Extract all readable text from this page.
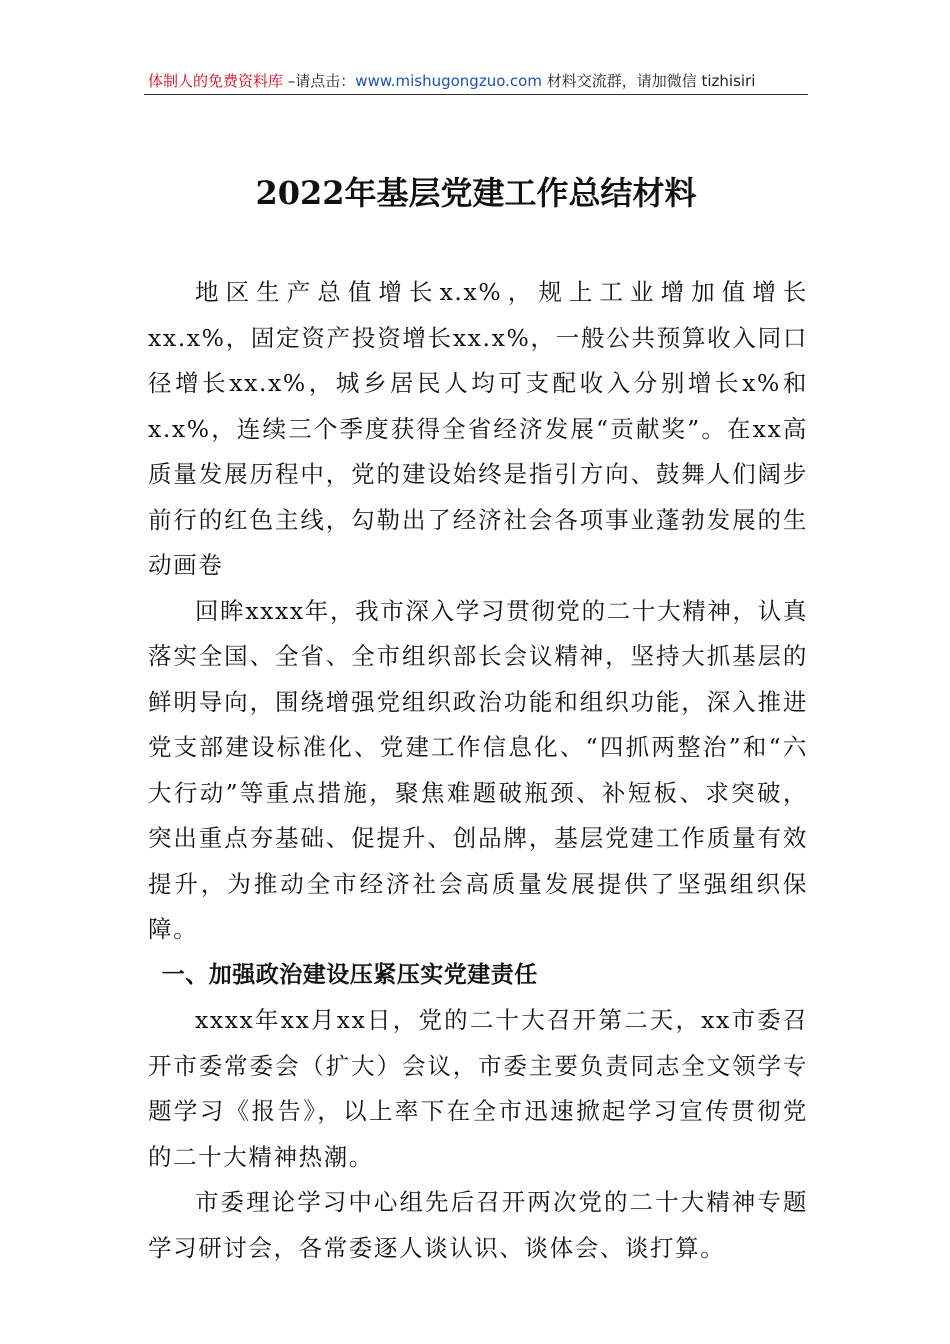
体制人的免费资料库 –请点击：www.mishugongzuo.com 材料交流群，请加微信 tizhisiri
2022年基层党建工作总结材料

地区生产总值增长x.x%，规上工业增加值增长xx.x%，固定资产投资增长xx.x%，一般公共预算收入同口径增长xx.x%，城乡居民人均可支配收入分别增长x%和x.x%，连续三个季度获得全省经济发展“贡献奖”。在xx高质量发展历程中，党的建设始终是指引方向、鼓舞人们阔步前行的红色主线，勾勒出了经济社会各项事业蓬勃发展的生动画卷

回眸xxxx年，我市深入学习贯彻党的二十大精神，认真落实全国、全省、全市组织部长会议精神，坚持大抓基层的鲜明导向，围绕增强党组织政治功能和组织功能，深入推进党支部建设标准化、党建工作信息化、“四抓两整治”和“六大行动”等重点措施，聚焦难题破瓶颈、补短板、求突破，突出重点夯基础、促提升、创品牌，基层党建工作质量有效提升，为推动全市经济社会高质量发展提供了坚强组织保障。

一、加强政治建设压紧压实党建责任

xxxx年xx月xx日，党的二十大召开第二天，xx市委召开市委常委会（扩大）会议，市委主要负责同志全文领学专题学习《报告》，以上率下在全市迅速掀起学习宣传贯彻党的二十大精神热潮。

市委理论学习中心组先后召开两次党的二十大精神专题学习研讨会，各常委逐人谈认识、谈体会、谈打算。
